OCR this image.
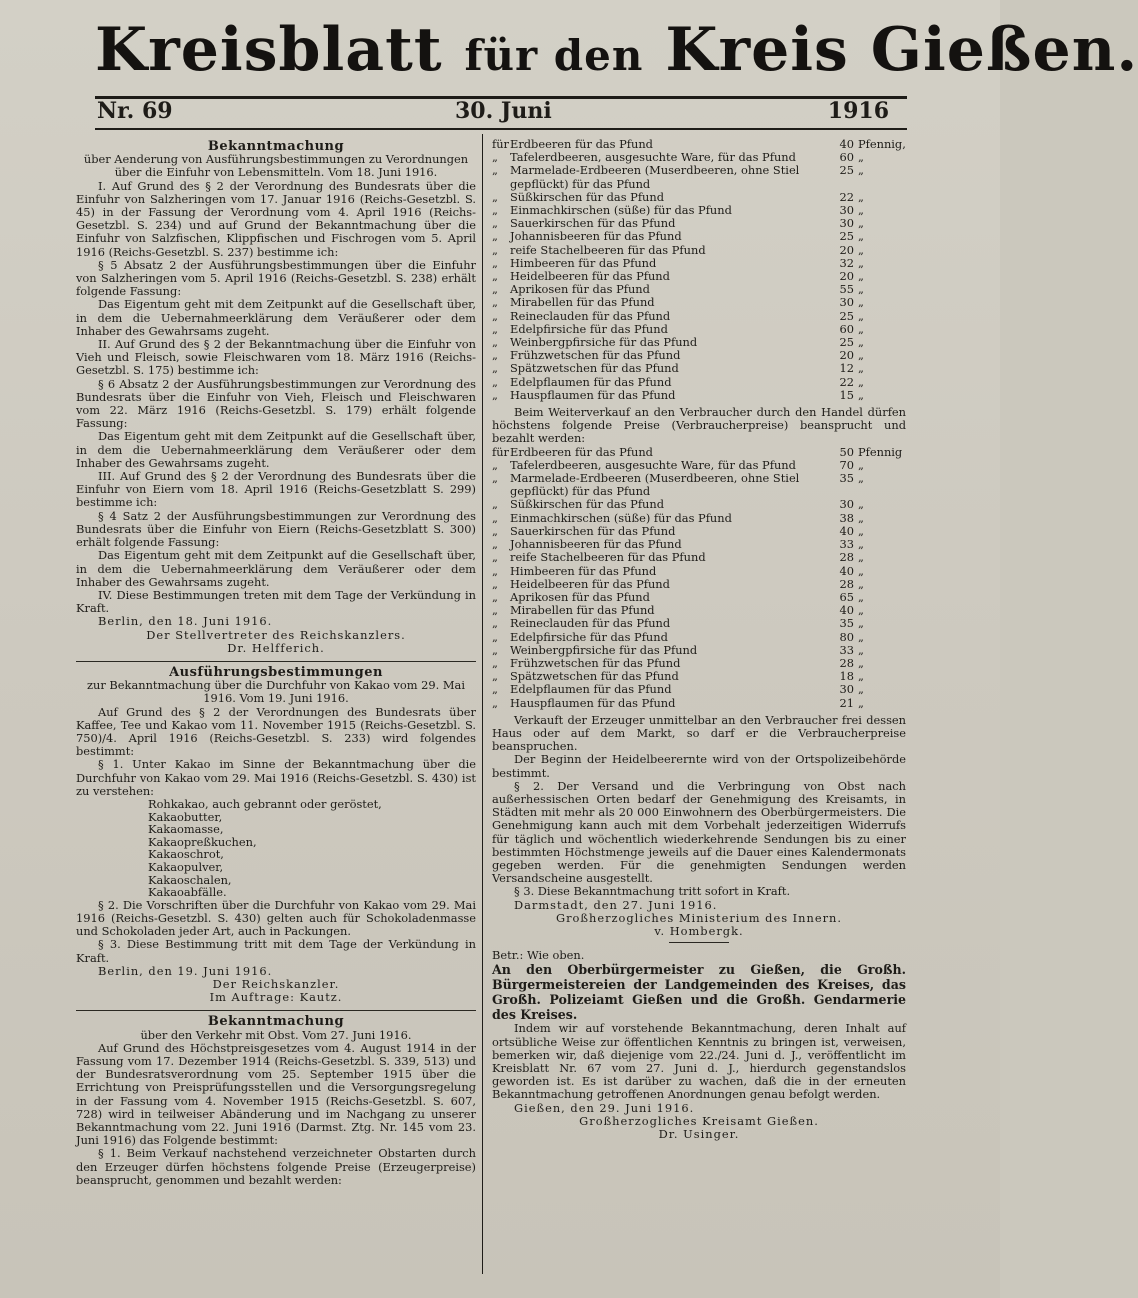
Kreisblatt für den Kreis Gießen.
Nr. 69	30. Juni	1916

Bekanntmachung

über Aenderung von Ausführungsbestimmungen zu Verordnungen über die Einfuhr von Lebensmitteln. Vom 18. Juni 1916.

I. Auf Grund des § 2 der Verordnung des Bundesrats über die Einfuhr von Salzheringen vom 17. Januar 1916 (Reichs-Gesetzbl. S. 45) in der Fassung der Verordnung vom 4. April 1916 (Reichs-Gesetzbl. S. 234) und auf Grund der Bekanntmachung über die Einfuhr von Salzfischen, Klippfischen und Fischrogen vom 5. April 1916 (Reichs-Gesetzbl. S. 237) bestimme ich:

§ 5 Absatz 2 der Ausführungsbestimmungen über die Einfuhr von Salzheringen vom 5. April 1916 (Reichs-Gesetzbl. S. 238) erhält folgende Fassung:

Das Eigentum geht mit dem Zeitpunkt auf die Gesellschaft über, in dem die Uebernahmeerklärung dem Veräußerer oder dem Inhaber des Gewahrsams zugeht.

II. Auf Grund des § 2 der Bekanntmachung über die Einfuhr von Vieh und Fleisch, sowie Fleischwaren vom 18. März 1916 (Reichs-Gesetzbl. S. 175) bestimme ich:

§ 6 Absatz 2 der Ausführungsbestimmungen zur Verordnung des Bundesrats über die Einfuhr von Vieh, Fleisch und Fleischwaren vom 22. März 1916 (Reichs-Gesetzbl. S. 179) erhält folgende Fassung:

Das Eigentum geht mit dem Zeitpunkt auf die Gesellschaft über, in dem die Uebernahmeerklärung dem Veräußerer oder dem Inhaber des Gewahrsams zugeht.

III. Auf Grund des § 2 der Verordnung des Bundesrats über die Einfuhr von Eiern vom 18. April 1916 (Reichs-Gesetzblatt S. 299) bestimme ich:

§ 4 Satz 2 der Ausführungsbestimmungen zur Verordnung des Bundesrats über die Einfuhr von Eiern (Reichs-Gesetzblatt S. 300) erhält folgende Fassung:

Das Eigentum geht mit dem Zeitpunkt auf die Gesellschaft über, in dem die Uebernahmeerklärung dem Veräußerer oder dem Inhaber des Gewahrsams zugeht.

IV. Diese Bestimmungen treten mit dem Tage der Verkündung in Kraft.

Berlin, den 18. Juni 1916.

Der Stellvertreter des Reichskanzlers.

Dr. Helfferich.

Ausführungsbestimmungen

zur Bekanntmachung über die Durchfuhr von Kakao vom 29. Mai 1916. Vom 19. Juni 1916.

Auf Grund des § 2 der Verordnungen des Bundesrats über Kaffee, Tee und Kakao vom 11. November 1915 (Reichs-Gesetzbl. S. 750)/4. April 1916 (Reichs-Gesetzbl. S. 233) wird folgendes bestimmt:

§ 1. Unter Kakao im Sinne der Bekanntmachung über die Durchfuhr von Kakao vom 29. Mai 1916 (Reichs-Gesetzbl. S. 430) ist zu verstehen:

Rohkakao, auch gebrannt oder geröstet,

Kakaobutter,

Kakaomasse,

Kakaopreßkuchen,

Kakaoschrot,

Kakaopulver,

Kakaoschalen,

Kakaoabfälle.

§ 2. Die Vorschriften über die Durchfuhr von Kakao vom 29. Mai 1916 (Reichs-Gesetzbl. S. 430) gelten auch für Schokoladenmasse und Schokoladen jeder Art, auch in Packungen.

§ 3. Diese Bestimmung tritt mit dem Tage der Verkündung in Kraft.

Berlin, den 19. Juni 1916.

Der Reichskanzler.

Im Auftrage: Kautz.

Bekanntmachung

über den Verkehr mit Obst. Vom 27. Juni 1916.

Auf Grund des Höchstpreisgesetzes vom 4. August 1914 in der Fassung vom 17. Dezember 1914 (Reichs-Gesetzbl. S. 339, 513) und der Bundesratsverordnung vom 25. September 1915 über die Errichtung von Preisprüfungsstellen und die Versorgungsregelung in der Fassung vom 4. November 1915 (Reichs-Gesetzbl. S. 607, 728) wird in teilweiser Abänderung und im Nachgang zu unserer Bekanntmachung vom 22. Juni 1916 (Darmst. Ztg. Nr. 145 vom 23. Juni 1916) das Folgende bestimmt:

§ 1. Beim Verkauf nachstehend verzeichneter Obstarten durch den Erzeuger dürfen höchstens folgende Preise (Erzeugerpreise) beansprucht, genommen und bezahlt werden:

für	Erdbeeren für das Pfund	40	Pfennig,
„	Tafelerdbeeren, ausgesuchte Ware, für das Pfund	60	„
„	Marmelade-Erdbeeren (Muserdbeeren, ohne Stiel gepflückt) für das Pfund	25	„
„	Süßkirschen für das Pfund	22	„
„	Einmachkirschen (süße) für das Pfund	30	„
„	Sauerkirschen für das Pfund	30	„
„	Johannisbeeren für das Pfund	25	„
„	reife Stachelbeeren für das Pfund	20	„
„	Himbeeren für das Pfund	32	„
„	Heidelbeeren für das Pfund	20	„
„	Aprikosen für das Pfund	55	„
„	Mirabellen für das Pfund	30	„
„	Reineclauden für das Pfund	25	„
„	Edelpfirsiche für das Pfund	60	„
„	Weinbergpfirsiche für das Pfund	25	„
„	Frühzwetschen für das Pfund	20	„
„	Spätzwetschen für das Pfund	12	„
„	Edelpflaumen für das Pfund	22	„
„	Hauspflaumen für das Pfund	15	„

Beim Weiterverkauf an den Verbraucher durch den Handel dürfen höchstens folgende Preise (Verbraucherpreise) beansprucht und bezahlt werden:

für	Erdbeeren für das Pfund	50	Pfennig
„	Tafelerdbeeren, ausgesuchte Ware, für das Pfund	70	„
„	Marmelade-Erdbeeren (Muserdbeeren, ohne Stiel gepflückt) für das Pfund	35	„
„	Süßkirschen für das Pfund	30	„
„	Einmachkirschen (süße) für das Pfund	38	„
„	Sauerkirschen für das Pfund	40	„
„	Johannisbeeren für das Pfund	33	„
„	reife Stachelbeeren für das Pfund	28	„
„	Himbeeren für das Pfund	40	„
„	Heidelbeeren für das Pfund	28	„
„	Aprikosen für das Pfund	65	„
„	Mirabellen für das Pfund	40	„
„	Reineclauden für das Pfund	35	„
„	Edelpfirsiche für das Pfund	80	„
„	Weinbergpfirsiche für das Pfund	33	„
„	Frühzwetschen für das Pfund	28	„
„	Spätzwetschen für das Pfund	18	„
„	Edelpflaumen für das Pfund	30	„
„	Hauspflaumen für das Pfund	21	„

Verkauft der Erzeuger unmittelbar an den Verbraucher frei dessen Haus oder auf dem Markt, so darf er die Verbraucherpreise beanspruchen.

Der Beginn der Heidelbeerernte wird von der Ortspolizeibehörde bestimmt.

§ 2. Der Versand und die Verbringung von Obst nach außerhessischen Orten bedarf der Genehmigung des Kreisamts, in Städten mit mehr als 20 000 Einwohnern des Oberbürgermeisters. Die Genehmigung kann auch mit dem Vorbehalt jederzeitigen Widerrufs für täglich und wöchentlich wiederkehrende Sendungen bis zu einer bestimmten Höchstmenge jeweils auf die Dauer eines Kalendermonats gegeben werden. Für die genehmigten Sendungen werden Versandscheine ausgestellt.

§ 3. Diese Bekanntmachung tritt sofort in Kraft.

Darmstadt, den 27. Juni 1916.

Großherzogliches Ministerium des Innern.

v. Hombergk.

Betr.: Wie oben.

An den Oberbürgermeister zu Gießen, die Großh. Bürgermeistereien der Landgemeinden des Kreises, das Großh. Polizeiamt Gießen und die Großh. Gendarmerie des Kreises.

Indem wir auf vorstehende Bekanntmachung, deren Inhalt auf ortsübliche Weise zur öffentlichen Kenntnis zu bringen ist, verweisen, bemerken wir, daß diejenige vom 22./24. Juni d. J., veröffentlicht im Kreisblatt Nr. 67 vom 27. Juni d. J., hierdurch gegenstandslos geworden ist. Es ist darüber zu wachen, daß die in der erneuten Bekanntmachung getroffenen Anordnungen genau befolgt werden.

Gießen, den 29. Juni 1916.

Großherzogliches Kreisamt Gießen.

Dr. Usinger.
